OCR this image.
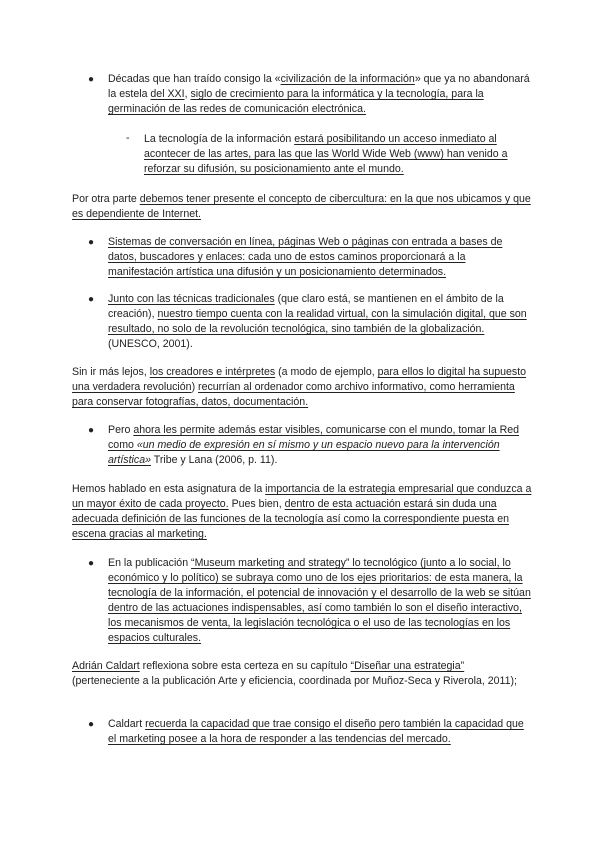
● Décadas que han traído consigo la «civilización de la información» que ya no abandonará la estela del XXI, siglo de crecimiento para la informática y la tecnología, para la germinación de las redes de comunicación electrónica.

- La tecnología de la información estará posibilitando un acceso inmediato al acontecer de las artes, para las que las World Wide Web (www) han venido a reforzar su difusión, su posicionamiento ante el mundo.

Por otra parte debemos tener presente el concepto de cibercultura: en la que nos ubicamos y que es dependiente de Internet.

● Sistemas de conversación en línea, páginas Web o páginas con entrada a bases de datos, buscadores y enlaces: cada uno de estos caminos proporcionará a la manifestación artística una difusión y un posicionamiento determinados.

● Junto con las técnicas tradicionales (que claro está, se mantienen en el ámbito de la creación), nuestro tiempo cuenta con la realidad virtual, con la simulación digital, que son resultado, no solo de la revolución tecnológica, sino también de la globalización. (UNESCO, 2001).

Sin ir más lejos, los creadores e intérpretes (a modo de ejemplo, para ellos lo digital ha supuesto una verdadera revolución) recurrían al ordenador como archivo informativo, como herramienta para conservar fotografías, datos, documentación.

● Pero ahora les permite además estar visibles, comunicarse con el mundo, tomar la Red como «un medio de expresión en sí mismo y un espacio nuevo para la intervención artística» Tribe y Lana (2006, p. 11).

Hemos hablado en esta asignatura de la importancia de la estrategia empresarial que conduzca a un mayor éxito de cada proyecto. Pues bien, dentro de esta actuación estará sin duda una adecuada definición de las funciones de la tecnología así como la correspondiente puesta en escena gracias al marketing.

● En la publicación “Museum marketing and strategy” lo tecnológico (junto a lo social, lo económico y lo político) se subraya como uno de los ejes prioritarios: de esta manera, la tecnología de la información, el potencial de innovación y el desarrollo de la web se sitúan dentro de las actuaciones indispensables, así como también lo son el diseño interactivo, los mecanismos de venta, la legislación tecnológica o el uso de las tecnologías en los espacios culturales.

Adrián Caldart reflexiona sobre esta certeza en su capítulo “Diseñar una estrategia” (perteneciente a la publicación Arte y eficiencia, coordinada por Muñoz-Seca y Riverola, 2011);

● Caldart recuerda la capacidad que trae consigo el diseño pero también la capacidad que el marketing posee a la hora de responder a las tendencias del mercado.
